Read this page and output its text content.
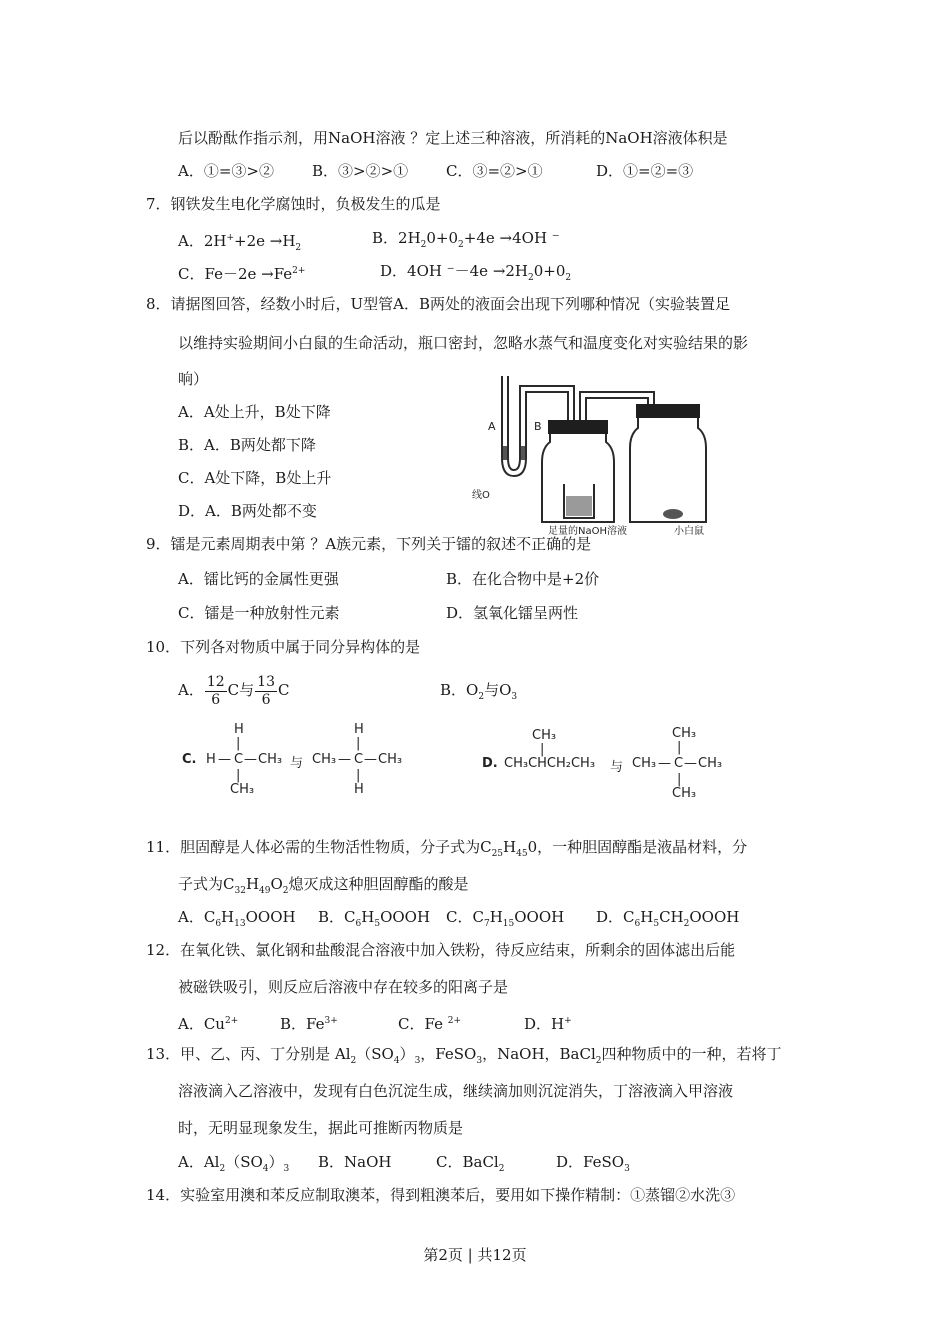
后以酚酞作指示剂，用NaOH溶液 ？定上述三种溶液，所消耗的NaOH溶液体积是
A．①=③>②	B．③>②>①	C．③=②>①	D．①=②=③
7．钢铁发生电化学腐蚀时，负极发生的瓜是
A．$2H^++2e \to H_2$
B．$2H_20+0_2+4e \to 4OH$ ⁻
C．$Fe-2e \to Fe^{2+}$	D．4OH $^--4e \to 2H_20+0_2$
8．请据图回答，经数小时后，U型管A．B两处的液面会出现下列哪种情况（实验装置足
以维持实验期间小白鼠的生命活动，瓶口密封，忽略水蒸气和温度变化对实验结果的影
响）
A．A处上升，B处下降
B．A．B两处都下降
C．A处下降，B处上升
D．A．B两处都不变
A	B
线O
足量的NaOH溶液	小白鼠
9．镭是元素周期表中第 ？A族元素，下列关于镭的叙述不正确的是
A．镭比钙的金属性更强	B．在化合物中是+2价
C．镭是一种放射性元素	D．氢氧化镭呈两性
10．下列各对物质中属于同分异构体的是
A． $\frac{12}{6}$ C与 $\frac{13}{6}$ C	B．$O_2$与$O_3$
C. H — C
H
|
|
CH₃
— CH₃ 与 CH₃ — C
H
|
|
H
— CH₃	D.
CH₃
|
CH₃CHCH₂CH₃ 与 CH₃ — C
CH₃
|
|
CH₃
— CH₃
11．胆固醇是人体必需的生物活性物质，分子式为$C_{25}H_{45}0$，一种胆固醇酯是液晶材料，分
子式为$C_{32}H_{49}O_2$熄灭成这种胆固醇酯的酸是
A．$C_6H_{13}OOOH$ B．$C_6H_5OOOH$ C．$C_7H_{15}OOOH$ D．$C_6H_5CH_2OOOH$
12．在氧化铁、氯化钢和盐酸混合溶液中加入铁粉，待反应结束，所剩余的固体滤出后能
被磁铁吸引，则反应后溶液中存在较多的阳离子是
A．$Cu^{2+}$	B．$Fe^{3+}$	C．Fe $^{2+}$	D．H+
13．甲、乙、丙、丁分别是 $Al_2(SO_4)_3$，FeSO$_3$，NaOH，BaCl$_2$四种物质中的一种，若将丁
溶液滴入乙溶液中，发现有白色沉淀生成，继续滴加则沉淀消失，丁溶液滴入甲溶液
时，无明显现象发生，据此可推断丙物质是
A．$Al_2(SO_4)_3$ B．NaOH	C．BaCl$_2$	D．FeSO$_3$
14．实验室用澳和苯反应制取澳苯，得到粗澳苯后，要用如下操作精制：①蒸镏②水洗③
第2页 | 共12页
